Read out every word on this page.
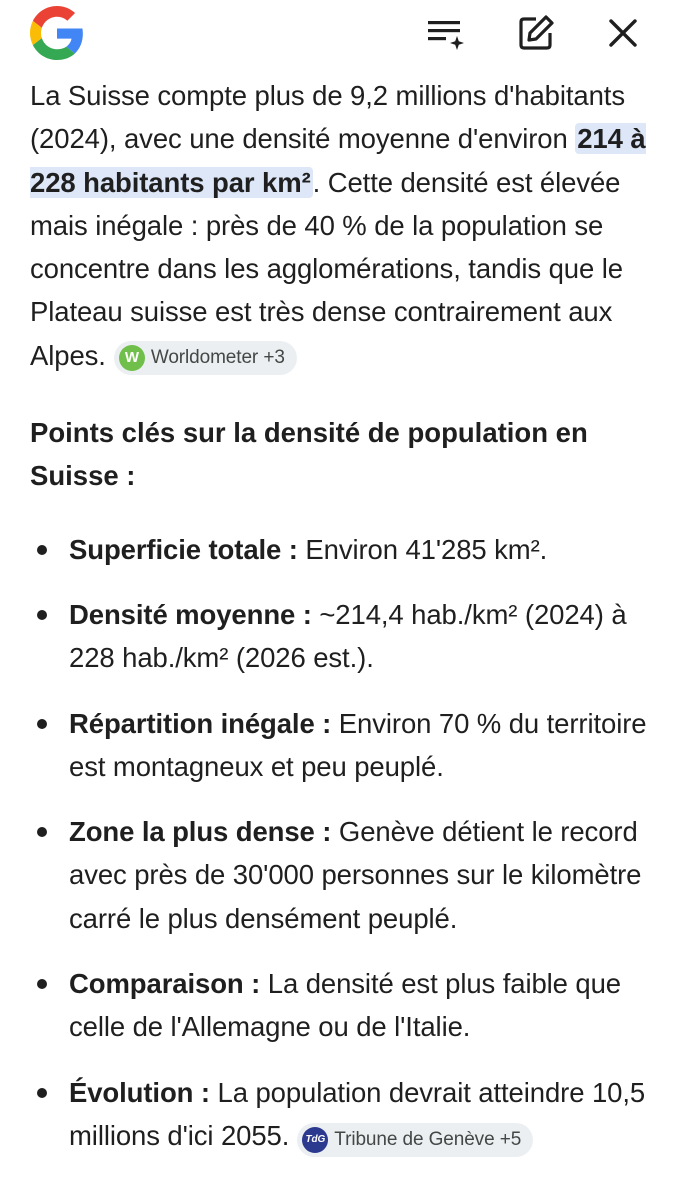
La Suisse compte plus de 9,2 millions d'habitants (2024), avec une densité moyenne d'environ 214 à 228 habitants par km². Cette densité est élevée mais inégale : près de 40 % de la population se concentre dans les agglomérations, tandis que le Plateau suisse est très dense contrairement aux Alpes.	W Worldometer +3

Points clés sur la densité de population en Suisse :
Superficie totale : Environ 41'285 km².
Densité moyenne : ~214,4 hab./km² (2024) à 228 hab./km² (2026 est.).
Répartition inégale : Environ 70 % du territoire est montagneux et peu peuplé.
Zone la plus dense : Genève détient le record avec près de 30'000 personnes sur le kilomètre carré le plus densément peuplé.
Comparaison : La densité est plus faible que celle de l'Allemagne ou de l'Italie.
Évolution : La population devrait atteindre 10,5 millions d'ici 2055.	TdG Tribune de Genève +5
